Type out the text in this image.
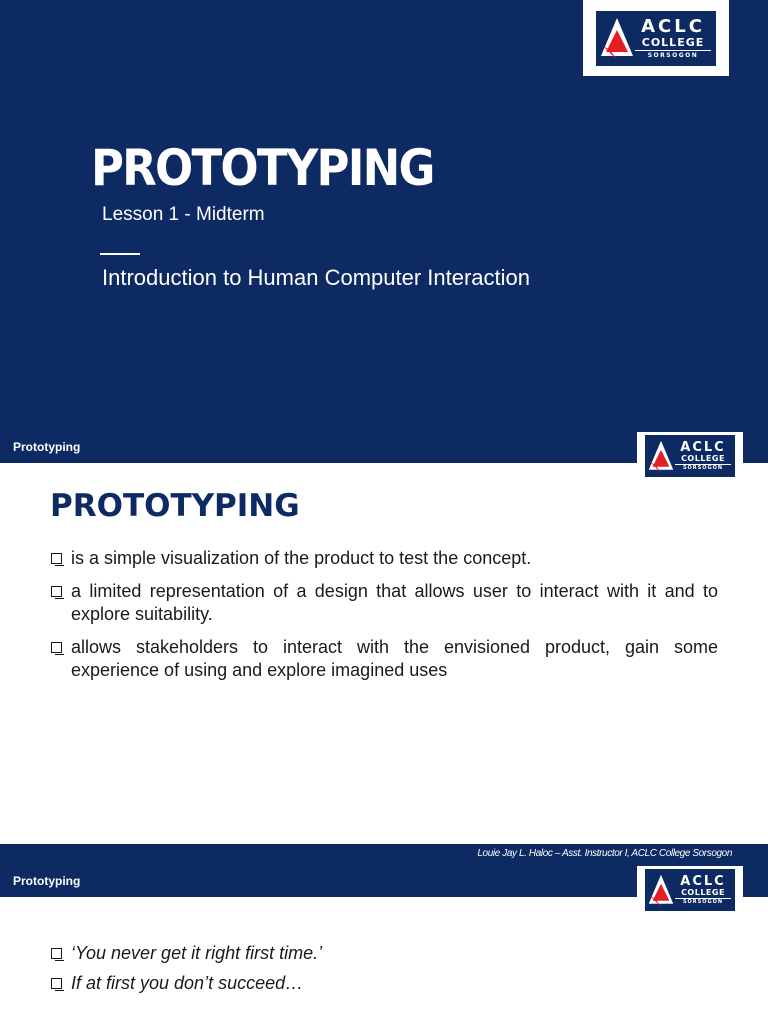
ACLC
COLLEGE
SORSOGON
PROTOTYPING
Lesson 1 - Midterm
Introduction to Human Computer Interaction
Prototyping	ACLC
COLLEGE
SORSOGON
PROTOTYPING
is a simple visualization of the product to test the concept.
a limited representation of a design that allows user to interact with it and to explore suitability.
allows stakeholders to interact with the envisioned product, gain some experience of using and explore imagined uses
Louie Jay L. Haloc – Asst. Instructor I, ACLC College Sorsogon
Prototyping	ACLC
COLLEGE
SORSOGON
‘You never get it right first time.’
If at first you don’t succeed…
